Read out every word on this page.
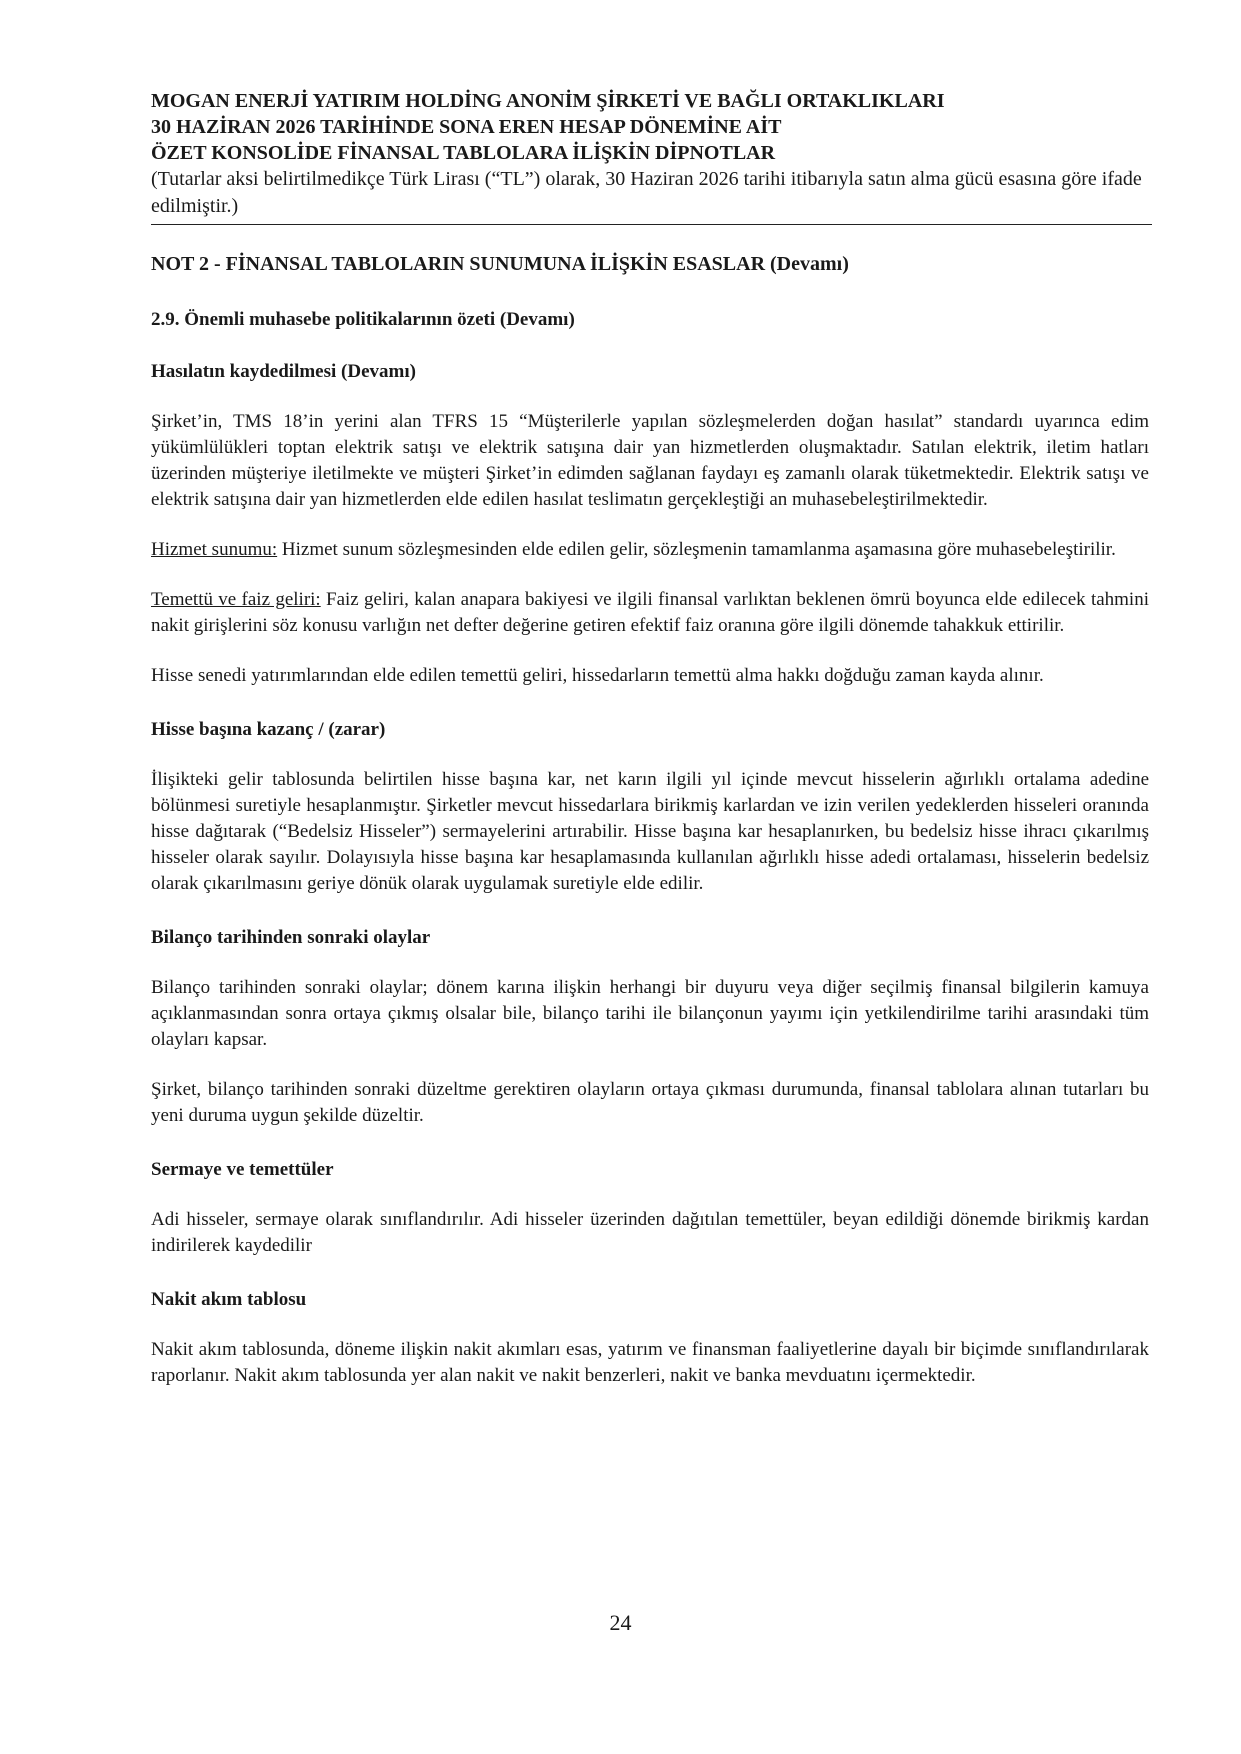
MOGAN ENERJİ YATIRIM HOLDİNG ANONİM ŞİRKETİ VE BAĞLI ORTAKLIKLARI
30 HAZİRAN 2026 TARİHİNDE SONA EREN HESAP DÖNEMİNE AİT
ÖZET KONSOLİDE FİNANSAL TABLOLARA İLİŞKİN DİPNOTLAR
(Tutarlar aksi belirtilmedikçe Türk Lirası (“TL”) olarak, 30 Haziran 2026 tarihi itibarıyla satın alma gücü esasına göre ifade edilmiştir.)
NOT 2 - FİNANSAL TABLOLARIN SUNUMUNA İLİŞKİN ESASLAR (Devamı)
2.9. Önemli muhasebe politikalarının özeti (Devamı)
Hasılatın kaydedilmesi (Devamı)

Şirket’in, TMS 18’in yerini alan TFRS 15 “Müşterilerle yapılan sözleşmelerden doğan hasılat” standardı uyarınca edim yükümlülükleri toptan elektrik satışı ve elektrik satışına dair yan hizmetlerden oluşmaktadır. Satılan elektrik, iletim hatları üzerinden müşteriye iletilmekte ve müşteri Şirket’in edimden sağlanan faydayı eş zamanlı olarak tüketmektedir. Elektrik satışı ve elektrik satışına dair yan hizmetlerden elde edilen hasılat teslimatın gerçekleştiği an muhasebeleştirilmektedir.

Hizmet sunumu: Hizmet sunum sözleşmesinden elde edilen gelir, sözleşmenin tamamlanma aşamasına göre muhasebeleştirilir.

Temettü ve faiz geliri: Faiz geliri, kalan anapara bakiyesi ve ilgili finansal varlıktan beklenen ömrü boyunca elde edilecek tahmini nakit girişlerini söz konusu varlığın net defter değerine getiren efektif faiz oranına göre ilgili dönemde tahakkuk ettirilir.

Hisse senedi yatırımlarından elde edilen temettü geliri, hissedarların temettü alma hakkı doğduğu zaman kayda alınır.

Hisse başına kazanç / (zarar)

İlişikteki gelir tablosunda belirtilen hisse başına kar, net karın ilgili yıl içinde mevcut hisselerin ağırlıklı ortalama adedine bölünmesi suretiyle hesaplanmıştır. Şirketler mevcut hissedarlara birikmiş karlardan ve izin verilen yedeklerden hisseleri oranında hisse dağıtarak (“Bedelsiz Hisseler”) sermayelerini artırabilir. Hisse başına kar hesaplanırken, bu bedelsiz hisse ihracı çıkarılmış hisseler olarak sayılır. Dolayısıyla hisse başına kar hesaplamasında kullanılan ağırlıklı hisse adedi ortalaması, hisselerin bedelsiz olarak çıkarılmasını geriye dönük olarak uygulamak suretiyle elde edilir.

Bilanço tarihinden sonraki olaylar

Bilanço tarihinden sonraki olaylar; dönem karına ilişkin herhangi bir duyuru veya diğer seçilmiş finansal bilgilerin kamuya açıklanmasından sonra ortaya çıkmış olsalar bile, bilanço tarihi ile bilançonun yayımı için yetkilendirilme tarihi arasındaki tüm olayları kapsar.

Şirket, bilanço tarihinden sonraki düzeltme gerektiren olayların ortaya çıkması durumunda, finansal tablolara alınan tutarları bu yeni duruma uygun şekilde düzeltir.

Sermaye ve temettüler

Adi hisseler, sermaye olarak sınıflandırılır. Adi hisseler üzerinden dağıtılan temettüler, beyan edildiği dönemde birikmiş kardan indirilerek kaydedilir

Nakit akım tablosu

Nakit akım tablosunda, döneme ilişkin nakit akımları esas, yatırım ve finansman faaliyetlerine dayalı bir biçimde sınıflandırılarak raporlanır. Nakit akım tablosunda yer alan nakit ve nakit benzerleri, nakit ve banka mevduatını içermektedir.

24
